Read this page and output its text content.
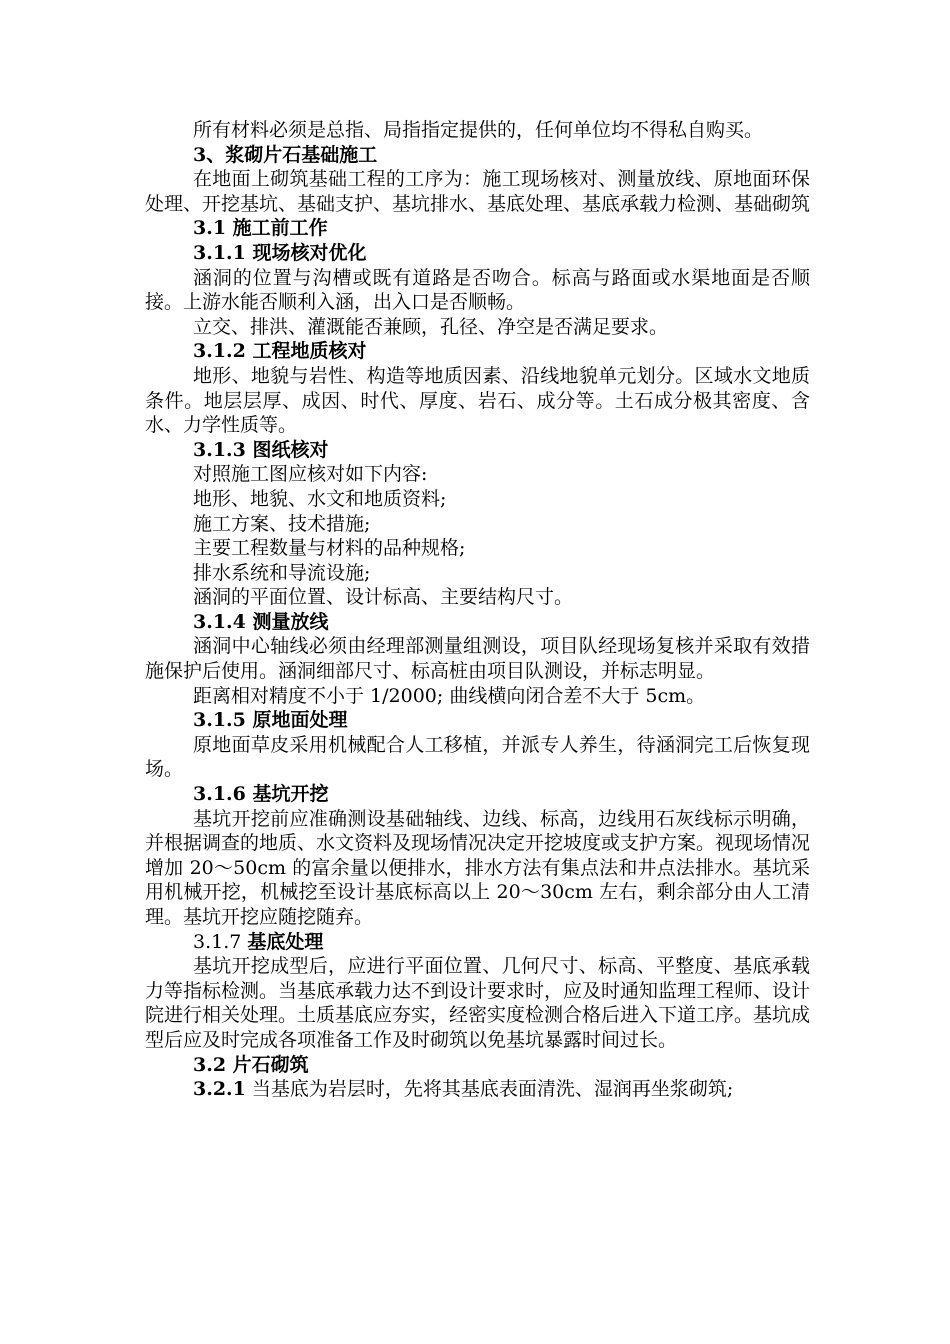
所有材料必须是总指、局指指定提供的，任何单位均不得私自购买。

3、浆砌片石基础施工

在地面上砌筑基础工程的工序为：施工现场核对、测量放线、原地面环保处理、开挖基坑、基础支护、基坑排水、基底处理、基底承载力检测、基础砌筑

3.1 施工前工作

3.1.1 现场核对优化

涵洞的位置与沟槽或既有道路是否吻合。标高与路面或水渠地面是否顺接。上游水能否顺利入涵，出入口是否顺畅。

立交、排洪、灌溉能否兼顾，孔径、净空是否满足要求。

3.1.2 工程地质核对

地形、地貌与岩性、构造等地质因素、沿线地貌单元划分。区域水文地质条件。地层层厚、成因、时代、厚度、岩石、成分等。土石成分极其密度、含水、力学性质等。

3.1.3 图纸核对

对照施工图应核对如下内容:

地形、地貌、水文和地质资料;

施工方案、技术措施;

主要工程数量与材料的品种规格;

排水系统和导流设施;

涵洞的平面位置、设计标高、主要结构尺寸。

3.1.4 测量放线

涵洞中心轴线必须由经理部测量组测设，项目队经现场复核并采取有效措施保护后使用。涵洞细部尺寸、标高桩由项目队测设，并标志明显。

距离相对精度不小于 1/2000; 曲线横向闭合差不大于 5cm。

3.1.5 原地面处理

原地面草皮采用机械配合人工移植，并派专人养生，待涵洞完工后恢复现场。

3.1.6 基坑开挖

基坑开挖前应准确测设基础轴线、边线、标高，边线用石灰线标示明确，并根据调查的地质、水文资料及现场情况决定开挖坡度或支护方案。视现场情况增加 20～50cm 的富余量以便排水，排水方法有集点法和井点法排水。基坑采用机械开挖，机械挖至设计基底标高以上 20～30cm 左右，剩余部分由人工清理。基坑开挖应随挖随弃。

3.1.7 基底处理

基坑开挖成型后，应进行平面位置、几何尺寸、标高、平整度、基底承载力等指标检测。当基底承载力达不到设计要求时，应及时通知监理工程师、设计院进行相关处理。土质基底应夯实，经密实度检测合格后进入下道工序。基坑成型后应及时完成各项准备工作及时砌筑以免基坑暴露时间过长。

3.2 片石砌筑

3.2.1 当基底为岩层时，先将其基底表面清洗、湿润再坐浆砌筑;
